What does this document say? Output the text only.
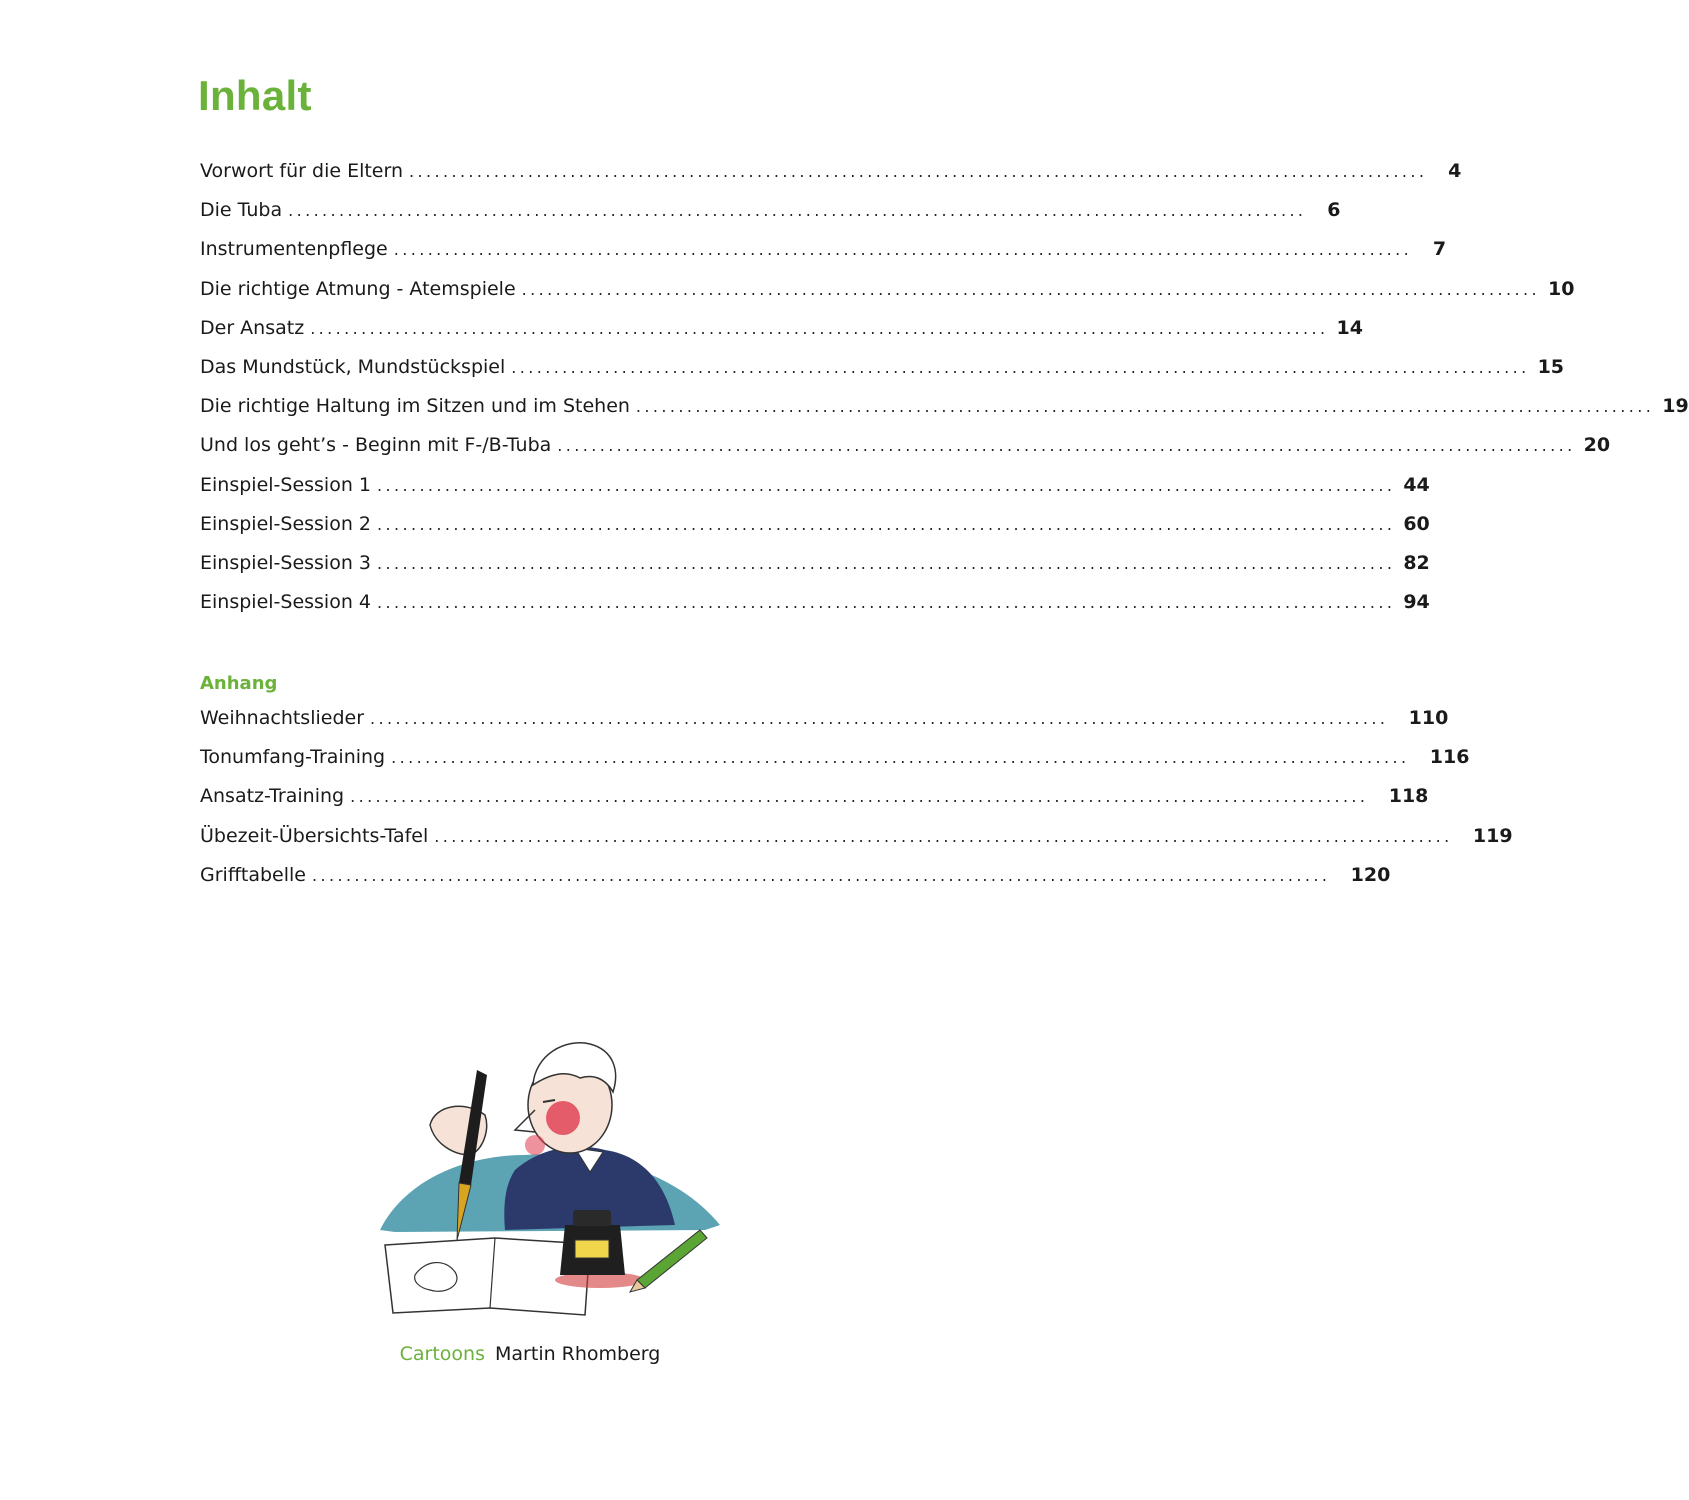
Inhalt
Vorwort für die Eltern ........................................................................................................................	4
Die Tuba ........................................................................................................................	6
Instrumentenpflege ........................................................................................................................	7
Die richtige Atmung - Atemspiele ........................................................................................................................ 10
Der Ansatz ........................................................................................................................ 14
Das Mundstück, Mundstückspiel ........................................................................................................................ 15
Die richtige Haltung im Sitzen und im Stehen ........................................................................................................................ 19
Und los geht’s - Beginn mit F-/B-Tuba ........................................................................................................................ 20
Einspiel-Session 1 ........................................................................................................................ 44
Einspiel-Session 2 ........................................................................................................................ 60
Einspiel-Session 3 ........................................................................................................................ 82
Einspiel-Session 4 ........................................................................................................................ 94
Anhang
Weihnachtslieder ........................................................................................................................	110
Tonumfang-Training ........................................................................................................................	116
Ansatz-Training ........................................................................................................................	118
Übezeit-Übersichts-Tafel ........................................................................................................................	119
Grifftabelle ........................................................................................................................	120
Cartoons Martin Rhomberg
